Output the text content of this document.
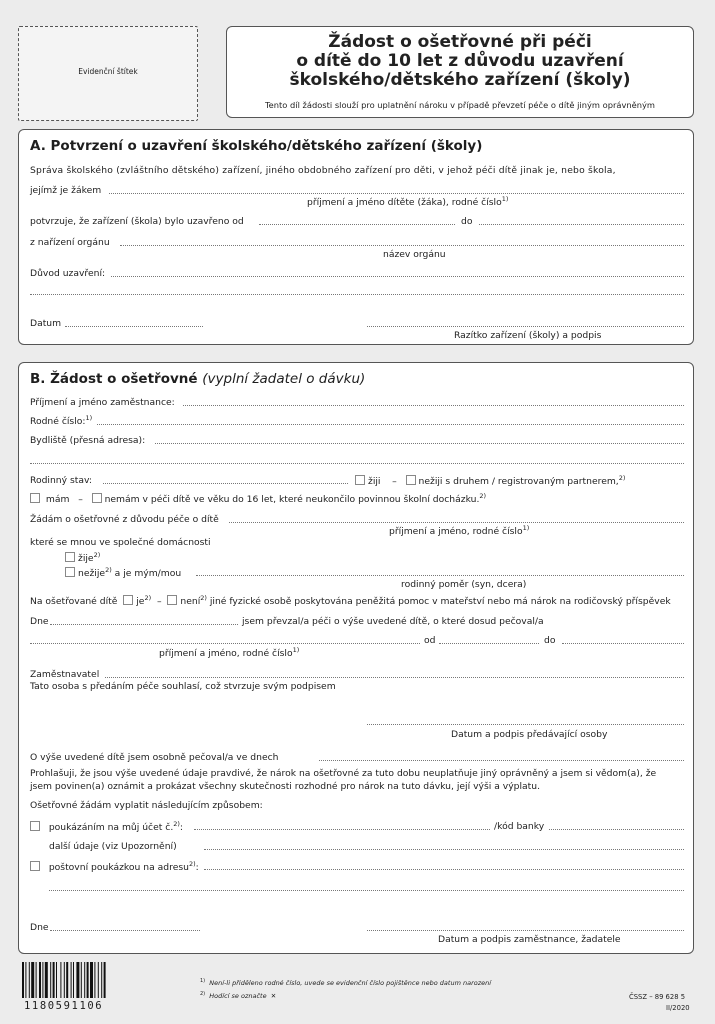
Evidenční štítek
Žádost o ošetřovné při péči
o dítě do 10 let z důvodu uzavření
školského/dětského zařízení (školy)
Tento díl žádosti slouží pro uplatnění nároku v případě převzetí péče o dítě jiným oprávněným
A. Potvrzení o uzavření školského/dětského zařízení (školy)
Správa školského (zvláštního dětského) zařízení, jiného obdobného zařízení pro děti, v jehož péči dítě jinak je, nebo škola,
jejímž je žákem
příjmení a jméno dítěte (žáka), rodné číslo$^{1)}$
potvrzuje, že zařízení (škola) bylo uzavřeno od	do
z nařízení orgánu
název orgánu
Důvod uzavření:
Datum
Razítko zařízení (školy) a podpis
B. Žádost o ošetřovné (vyplní žadatel o dávku)
Příjmení a jméno zaměstnance:
Rodné číslo:$^{1)}$
Bydliště (přesná adresa):
Rodinný stav:	žiji    –   nežiji s druhem / registrovaným partnerem,$^{2)}$
mám   –   nemám v péči dítě ve věku do 16 let, které neukončilo povinnou školní docházku.$^{2)}$
Žádám o ošetřovné z důvodu péče o dítě
příjmení a jméno, rodné číslo$^{1)}$
které se mnou ve společné domácnosti
žije$^{2)}$
nežije$^{2)}$ a je mým/mou
rodinný poměr (syn, dcera)
Na ošetřované dítě $je^{2)}$  –  není$^{2)}$ jiné fyzické osobě poskytována peněžitá pomoc v mateřství nebo má nárok na rodičovský příspěvek
Dne	jsem převzal/a péči o výše uvedené dítě, o které dosud pečoval/a
od	do
příjmení a jméno, rodné číslo$^{1)}$
Zaměstnavatel
Tato osoba s předáním péče souhlasí, což stvrzuje svým podpisem
Datum a podpis předávající osoby
O výše uvedené dítě jsem osobně pečoval/a ve dnech
Prohlašuji, že jsou výše uvedené údaje pravdivé, že nárok na ošetřovné za tuto dobu neuplatňuje jiný oprávněný a jsem si vědom(a), že
jsem povinen(a) oznámit a prokázat všechny skutečnosti rozhodné pro nárok na tuto dávku, její výši a výplatu.
Ošetřovné žádám vyplatit následujícím způsobem:
poukázáním na můj účet č.$^{2)}$:	/kód banky
další údaje (viz Upozornění)
poštovní poukázkou na adresu$^{2)}$:
Dne
Datum a podpis zaměstnance, žadatele
1180591106
$^{1)}$ Není-li přiděleno rodné číslo, uvede se evidenční číslo pojištěnce nebo datum narození
$^{2)}$ Hodící se označte ✕	ČSSZ – 89 628 5
II/2020
